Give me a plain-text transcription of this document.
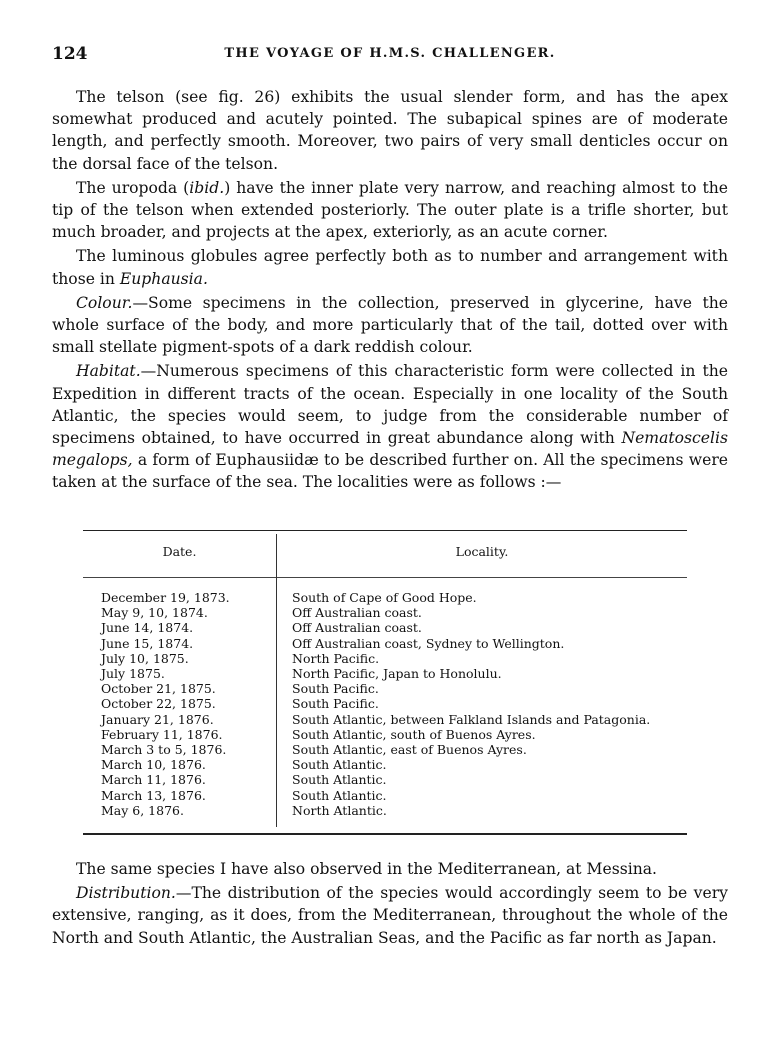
124	THE VOYAGE OF H.M.S. CHALLENGER.

The telson (see fig. 26) exhibits the usual slender form, and has the apex somewhat produced and acutely pointed. The subapical spines are of moderate length, and perfectly smooth. Moreover, two pairs of very small denticles occur on the dorsal face of the telson.

The uropoda (ibid.) have the inner plate very narrow, and reaching almost to the tip of the telson when extended posteriorly. The outer plate is a trifle shorter, but much broader, and projects at the apex, exteriorly, as an acute corner.

The luminous globules agree perfectly both as to number and arrangement with those in Euphausia.

Colour.—Some specimens in the collection, preserved in glycerine, have the whole surface of the body, and more particularly that of the tail, dotted over with small stellate pigment-spots of a dark reddish colour.

Habitat.—Numerous specimens of this characteristic form were collected in the Expedition in different tracts of the ocean. Especially in one locality of the South Atlantic, the species would seem, to judge from the considerable number of specimens obtained, to have occurred in great abundance along with Nematoscelis megalops, a form of Euphausiidæ to be described further on. All the specimens were taken at the surface of the sea. The localities were as follows :—

Date.	Locality.
December 19, 1873.
May 9, 10, 1874.
June 14, 1874.
June 15, 1874.
July 10, 1875.
July 1875.
October 21, 1875.
October 22, 1875.
January 21, 1876.
February 11, 1876.
March 3 to 5, 1876.
March 10, 1876.
March 11, 1876.
March 13, 1876.
May 6, 1876.
South of Cape of Good Hope.
Off Australian coast.
Off Australian coast.
Off Australian coast, Sydney to Wellington.
North Pacific.
North Pacific, Japan to Honolulu.
South Pacific.
South Pacific.
South Atlantic, between Falkland Islands and Patagonia.
South Atlantic, south of Buenos Ayres.
South Atlantic, east of Buenos Ayres.
South Atlantic.
South Atlantic.
South Atlantic.
North Atlantic.

The same species I have also observed in the Mediterranean, at Messina.

Distribution.—The distribution of the species would accordingly seem to be very extensive, ranging, as it does, from the Mediterranean, throughout the whole of the North and South Atlantic, the Australian Seas, and the Pacific as far north as Japan.
